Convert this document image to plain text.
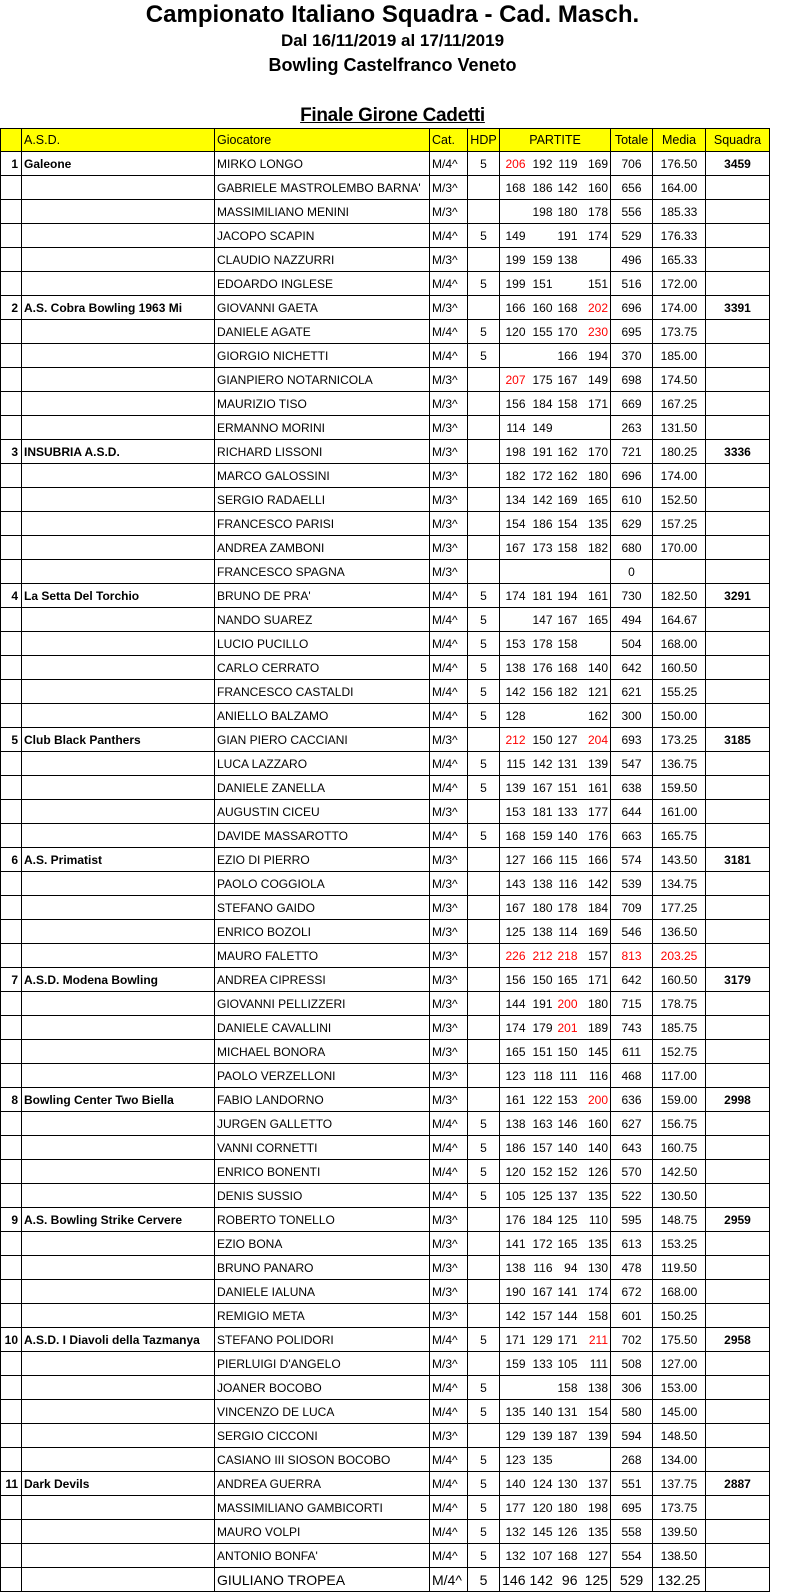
Campionato Italiano Squadra - Cad. Masch.
Dal 16/11/2019 al 17/11/2019
Bowling Castelfranco Veneto
Finale Girone Cadetti
	A.S.D.	Giocatore	Cat.	HDP	PARTITE				Totale	Media	Squadra
1	Galeone	MIRKO LONGO	M/4^	5	206	192	119	169	706	176.50	3459
		GABRIELE MASTROLEMBO BARNA'	M/3^		168	186	142	160	656	164.00	
		MASSIMILIANO MENINI	M/3^			198	180	178	556	185.33	
		JACOPO SCAPIN	M/4^	5	149		191	174	529	176.33	
		CLAUDIO NAZZURRI	M/3^		199	159	138		496	165.33	
		EDOARDO INGLESE	M/4^	5	199	151		151	516	172.00	
2	A.S. Cobra Bowling 1963 Mi	GIOVANNI GAETA	M/3^		166	160	168	202	696	174.00	3391
		DANIELE AGATE	M/4^	5	120	155	170	230	695	173.75	
		GIORGIO NICHETTI	M/4^	5			166	194	370	185.00	
		GIANPIERO NOTARNICOLA	M/3^		207	175	167	149	698	174.50	
		MAURIZIO TISO	M/3^		156	184	158	171	669	167.25	
		ERMANNO MORINI	M/3^		114	149			263	131.50	
3	INSUBRIA A.S.D.	RICHARD LISSONI	M/3^		198	191	162	170	721	180.25	3336
		MARCO GALOSSINI	M/3^		182	172	162	180	696	174.00	
		SERGIO RADAELLI	M/3^		134	142	169	165	610	152.50	
		FRANCESCO PARISI	M/3^		154	186	154	135	629	157.25	
		ANDREA ZAMBONI	M/3^		167	173	158	182	680	170.00	
		FRANCESCO SPAGNA	M/3^						0		
4	La Setta Del Torchio	BRUNO DE PRA'	M/4^	5	174	181	194	161	730	182.50	3291
		NANDO SUAREZ	M/4^	5		147	167	165	494	164.67	
		LUCIO PUCILLO	M/4^	5	153	178	158		504	168.00	
		CARLO CERRATO	M/4^	5	138	176	168	140	642	160.50	
		FRANCESCO CASTALDI	M/4^	5	142	156	182	121	621	155.25	
		ANIELLO BALZAMO	M/4^	5	128			162	300	150.00	
5	Club Black Panthers	GIAN PIERO CACCIANI	M/3^		212	150	127	204	693	173.25	3185
		LUCA LAZZARO	M/4^	5	115	142	131	139	547	136.75	
		DANIELE ZANELLA	M/4^	5	139	167	151	161	638	159.50	
		AUGUSTIN CICEU	M/3^		153	181	133	177	644	161.00	
		DAVIDE MASSAROTTO	M/4^	5	168	159	140	176	663	165.75	
6	A.S. Primatist	EZIO DI PIERRO	M/3^		127	166	115	166	574	143.50	3181
		PAOLO COGGIOLA	M/3^		143	138	116	142	539	134.75	
		STEFANO GAIDO	M/3^		167	180	178	184	709	177.25	
		ENRICO BOZOLI	M/3^		125	138	114	169	546	136.50	
		MAURO FALETTO	M/3^		226	212	218	157	813	203.25	
7	A.S.D. Modena Bowling	ANDREA CIPRESSI	M/3^		156	150	165	171	642	160.50	3179
		GIOVANNI PELLIZZERI	M/3^		144	191	200	180	715	178.75	
		DANIELE CAVALLINI	M/3^		174	179	201	189	743	185.75	
		MICHAEL BONORA	M/3^		165	151	150	145	611	152.75	
		PAOLO VERZELLONI	M/3^		123	118	111	116	468	117.00	
8	Bowling Center Two Biella	FABIO LANDORNO	M/3^		161	122	153	200	636	159.00	2998
		JURGEN GALLETTO	M/4^	5	138	163	146	160	627	156.75	
		VANNI CORNETTI	M/4^	5	186	157	140	140	643	160.75	
		ENRICO BONENTI	M/4^	5	120	152	152	126	570	142.50	
		DENIS SUSSIO	M/4^	5	105	125	137	135	522	130.50	
9	A.S. Bowling Strike Cervere	ROBERTO TONELLO	M/3^		176	184	125	110	595	148.75	2959
		EZIO BONA	M/3^		141	172	165	135	613	153.25	
		BRUNO PANARO	M/3^		138	116	94	130	478	119.50	
		DANIELE IALUNA	M/3^		190	167	141	174	672	168.00	
		REMIGIO META	M/3^		142	157	144	158	601	150.25	
10	A.S.D. I Diavoli della Tazmanya	STEFANO POLIDORI	M/4^	5	171	129	171	211	702	175.50	2958
		PIERLUIGI D'ANGELO	M/3^		159	133	105	111	508	127.00	
		JOANER BOCOBO	M/4^	5			158	138	306	153.00	
		VINCENZO DE LUCA	M/4^	5	135	140	131	154	580	145.00	
		SERGIO CICCONI	M/3^		129	139	187	139	594	148.50	
		CASIANO III SIOSON BOCOBO	M/4^	5	123	135			268	134.00	
11	Dark Devils	ANDREA GUERRA	M/4^	5	140	124	130	137	551	137.75	2887
		MASSIMILIANO GAMBICORTI	M/4^	5	177	120	180	198	695	173.75	
		MAURO VOLPI	M/4^	5	132	145	126	135	558	139.50	
		ANTONIO BONFA'	M/4^	5	132	107	168	127	554	138.50	
		GIULIANO TROPEA	M/4^	5	146	142	96	125	529	132.25	
